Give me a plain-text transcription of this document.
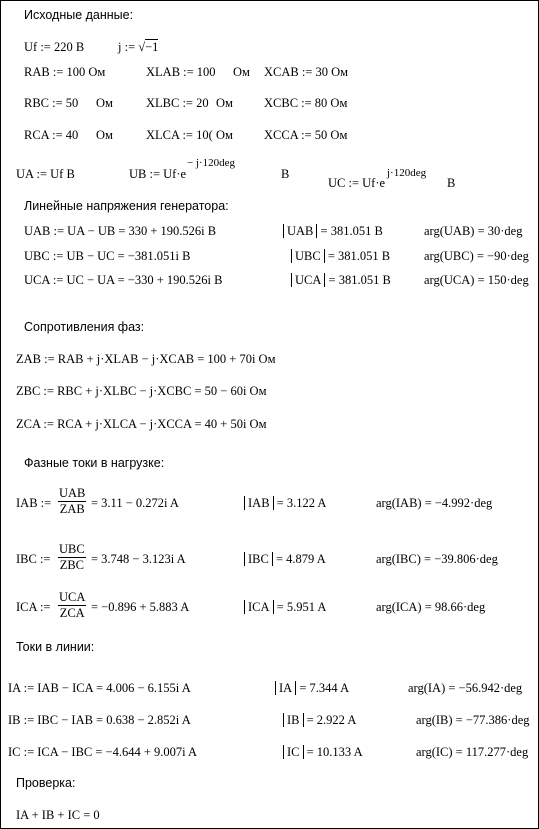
Исходные данные:
Uf := 220 В	j := √−1
RAB := 100 Ом	XLAB := 100 Ом XCAB := 30 Ом
RBC := 50 Ом	XLBC := 20 Ом XCBC := 80 Ом
RCA := 40 Ом	XLCA := 10( Ом XCCA := 50 Ом
UA := Uf В	UB := Uf·e
− j·120deg
В
UC := Uf·e
j·120deg
В
Линейные напряжения генератора:
UAB := UA − UB = 330 + 190.526i В	UAB = 381.051 В	arg(UAB) = 30·deg
UBC := UB − UC = −381.051i В	UBC = 381.051 В	arg(UBC) = −90·deg
UCA := UC − UA = −330 + 190.526i В	UCA = 381.051 В	arg(UCA) = 150·deg
Сопротивления фаз:
ZAB := RAB + j·XLAB − j·XCAB = 100 + 70i Ом
ZBC := RBC + j·XLBC − j·XCBC = 50 − 60i Ом
ZCA := RCA + j·XLCA − j·XCCA = 40 + 50i Ом
Фазные токи в нагрузке:
IAB :=
UAB
ZAB = 3.11 − 0.272i A	IAB = 3.122 A	arg(IAB) = −4.992·deg
IBC :=
UBC
ZBC = 3.748 − 3.123i A	IBC = 4.879 A	arg(IBC) = −39.806·deg
ICA :=
UCA
ZCA = −0.896 + 5.883 A	ICA = 5.951 A	arg(ICA) = 98.66·deg
Токи в линии:
IA := IAB − ICA = 4.006 − 6.155i A	IA = 7.344 A	arg(IA) = −56.942·deg
IB := IBC − IAB = 0.638 − 2.852i A	IB = 2.922 A	arg(IB) = −77.386·deg
IC := ICA − IBC = −4.644 + 9.007i A	IC = 10.133 A	arg(IC) = 117.277·deg
Проверка:
IA + IB + IC = 0
